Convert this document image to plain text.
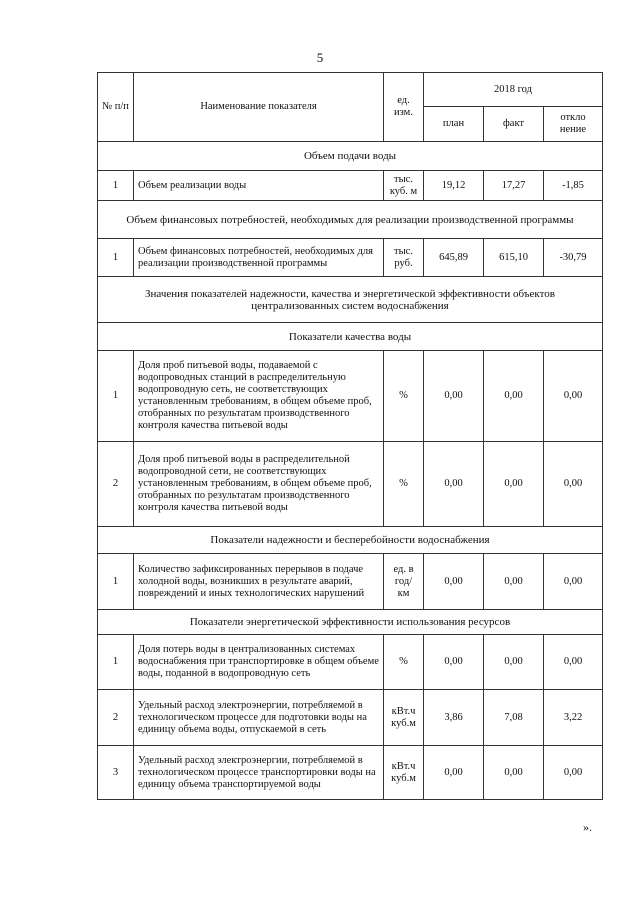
5
№ п/п	Наименование показателя	ед. изм.	2018 год		
			план	факт	откло нение
Объем подачи воды					
1	Объем реализации воды	тыс. куб. м	19,12	17,27	-1,85
Объем финансовых потребностей, необходимых для реализации производственной программы					
1	Объем финансовых потребностей, необходимых для реализации производственной программы	тыс. руб.	645,89	615,10	-30,79
Значения показателей надежности, качества и энергетической эффективности объектов централизованных систем водоснабжения					
Показатели качества воды					
1	Доля проб питьевой воды, подаваемой с водопроводных станций в распределительную водопроводную сеть, не соответствующих установленным требованиям, в общем объеме проб, отобранных по результатам производственного контроля качества питьевой воды	%	0,00	0,00	0,00
2	Доля проб питьевой воды в распределительной водопроводной сети, не соответствующих установленным требованиям, в общем объеме проб, отобранных по результатам производственного контроля качества питьевой воды	%	0,00	0,00	0,00
Показатели надежности и бесперебойности водоснабжения					
1	Количество зафиксированных перерывов в подаче холодной воды, возникших в результате аварий, повреждений и иных технологических нарушений	ед. в год/ км	0,00	0,00	0,00
Показатели энергетической эффективности использования ресурсов					
1	Доля потерь воды в централизованных системах водоснабжения при транспортировке в общем объеме воды, поданной в водопроводную сеть	%	0,00	0,00	0,00
2	Удельный расход электроэнергии, потребляемой в технологическом процессе для подготовки воды на единицу объема воды, отпускаемой в сеть	кВт.ч куб.м	3,86	7,08	3,22
3	Удельный расход электроэнергии, потребляемой в технологическом процессе транспортировки воды на единицу объема транспортируемой воды	кВт.ч куб.м	0,00	0,00	0,00
».
